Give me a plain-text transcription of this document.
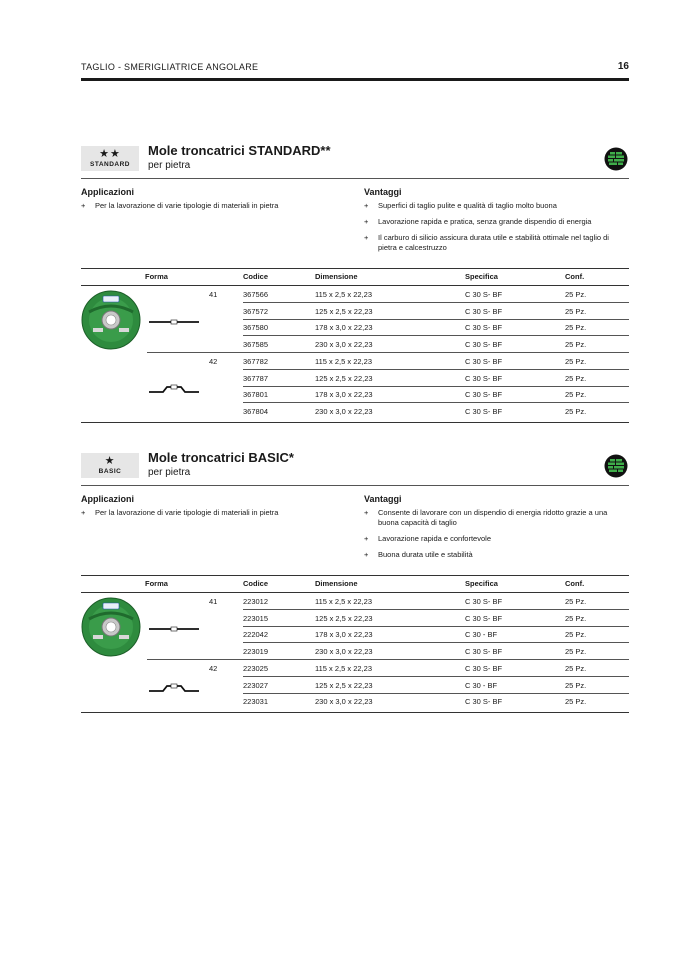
TAGLIO - SMERIGLIATRICE ANGOLARE	16
★★
STANDARD
Mole troncatrici STANDARD**
per pietra
Applicazioni
+ Per la lavorazione di varie tipologie di materiali in pietra
Vantaggi
+ Superfici di taglio pulite e qualità di taglio molto buona
+ Lavorazione rapida e pratica, senza grande dispendio di energia
+ Il carburo di silicio assicura durata utile e stabilità ottimale nel taglio di pietra e calcestruzzo
Forma	Codice	Dimensione	Specifica	Conf.
41	367566	115 x 2,5 x 22,23	C 30 S- BF	25 Pz.
367572	125 x 2,5 x 22,23	C 30 S- BF	25 Pz.
367580	178 x 3,0 x 22,23	C 30 S- BF	25 Pz.
367585	230 x 3,0 x 22,23	C 30 S- BF	25 Pz.
42	367782	115 x 2,5 x 22,23	C 30 S- BF	25 Pz.
367787	125 x 2,5 x 22,23	C 30 S- BF	25 Pz.
367801	178 x 3,0 x 22,23	C 30 S- BF	25 Pz.
367804	230 x 3,0 x 22,23	C 30 S- BF	25 Pz.
★
BASIC
Mole troncatrici BASIC*
per pietra
Applicazioni
+ Per la lavorazione di varie tipologie di materiali in pietra
Vantaggi
+ Consente di lavorare con un dispendio di energia ridotto grazie a una buona capacità di taglio
+ Lavorazione rapida e confortevole
+ Buona durata utile e stabilità
Forma	Codice	Dimensione	Specifica	Conf.
41	223012	115 x 2,5 x 22,23	C 30 S- BF	25 Pz.
223015	125 x 2,5 x 22,23	C 30 S- BF	25 Pz.
222042	178 x 3,0 x 22,23	C 30 - BF	25 Pz.
223019	230 x 3,0 x 22,23	C 30 S- BF	25 Pz.
42	223025	115 x 2,5 x 22,23	C 30 S- BF	25 Pz.
223027	125 x 2,5 x 22,23	C 30 - BF	25 Pz.
223031	230 x 3,0 x 22,23	C 30 S- BF	25 Pz.
